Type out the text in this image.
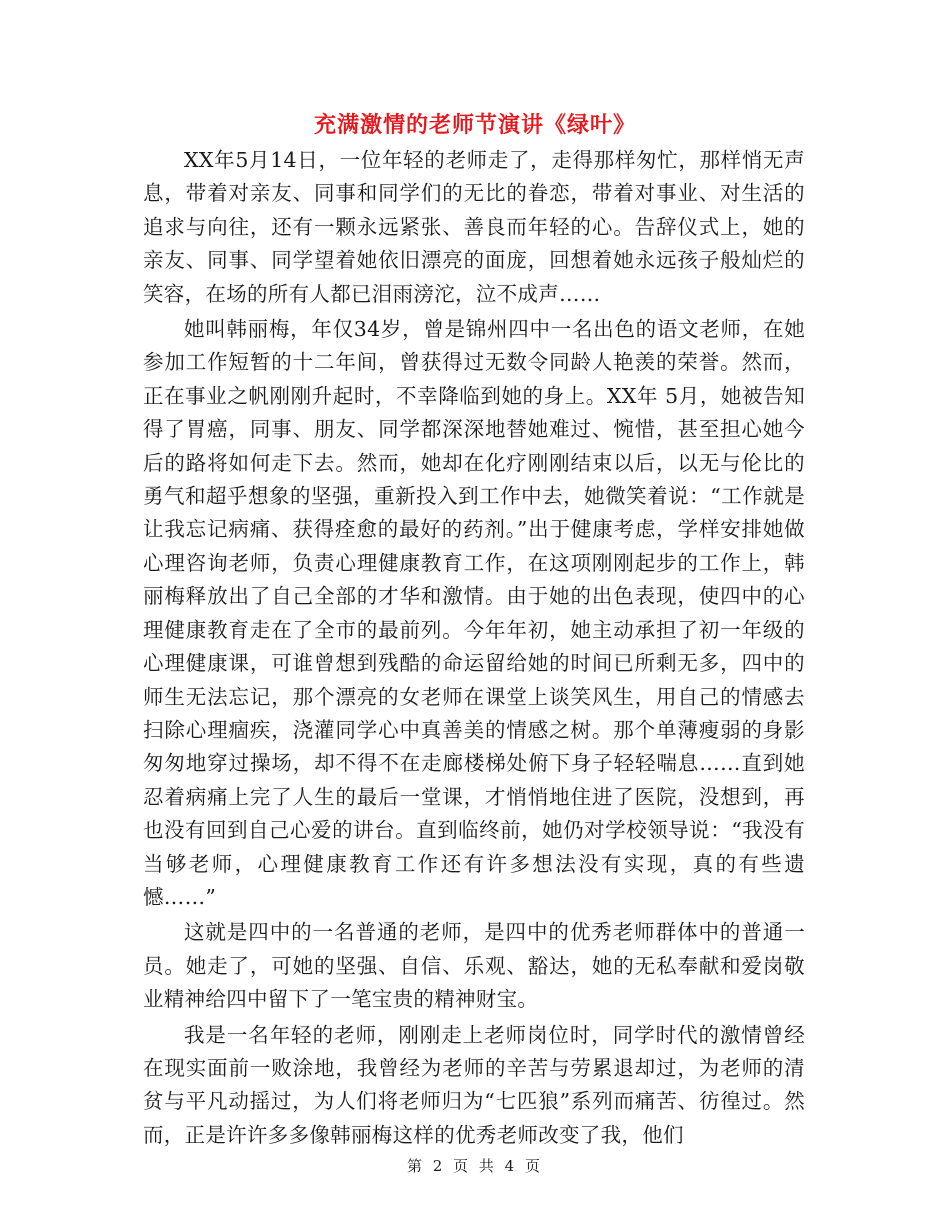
充满激情的老师节演讲《绿叶》

XX年5月14日，一位年轻的老师走了，走得那样匆忙，那样悄无声息，带着对亲友、同事和同学们的无比的眷恋，带着对事业、对生活的追求与向往，还有一颗永远紧张、善良而年轻的心。告辞仪式上，她的亲友、同事、同学望着她依旧漂亮的面庞，回想着她永远孩子般灿烂的笑容，在场的所有人都已泪雨滂沱，泣不成声……

她叫韩丽梅，年仅34岁，曾是锦州四中一名出色的语文老师，在她参加工作短暂的十二年间，曾获得过无数令同龄人艳羡的荣誉。然而，正在事业之帆刚刚升起时，不幸降临到她的身上。XX年 5月，她被告知得了胃癌，同事、朋友、同学都深深地替她难过、惋惜，甚至担心她今后的路将如何走下去。然而，她却在化疗刚刚结束以后，以无与伦比的勇气和超乎想象的坚强，重新投入到工作中去，她微笑着说：“工作就是让我忘记病痛、获得痊愈的最好的药剂。”出于健康考虑，学样安排她做心理咨询老师，负责心理健康教育工作，在这项刚刚起步的工作上，韩丽梅释放出了自己全部的才华和激情。由于她的出色表现，使四中的心理健康教育走在了全市的最前列。今年年初，她主动承担了初一年级的心理健康课，可谁曾想到残酷的命运留给她的时间已所剩无多，四中的师生无法忘记，那个漂亮的女老师在课堂上谈笑风生，用自己的情感去扫除心理痼疾，浇灌同学心中真善美的情感之树。那个单薄瘦弱的身影匆匆地穿过操场，却不得不在走廊楼梯处俯下身子轻轻喘息……直到她忍着病痛上完了人生的最后一堂课，才悄悄地住进了医院，没想到，再也没有回到自己心爱的讲台。直到临终前，她仍对学校领导说：“我没有当够老师，心理健康教育工作还有许多想法没有实现，真的有些遗憾……”

这就是四中的一名普通的老师，是四中的优秀老师群体中的普通一员。她走了，可她的坚强、自信、乐观、豁达，她的无私奉献和爱岗敬业精神给四中留下了一笔宝贵的精神财宝。

我是一名年轻的老师，刚刚走上老师岗位时，同学时代的激情曾经在现实面前一败涂地，我曾经为老师的辛苦与劳累退却过，为老师的清贫与平凡动摇过，为人们将老师归为“七匹狼”系列而痛苦、彷徨过。然而，正是许许多多像韩丽梅这样的优秀老师改变了我，他们

第 2 页 共 4 页
